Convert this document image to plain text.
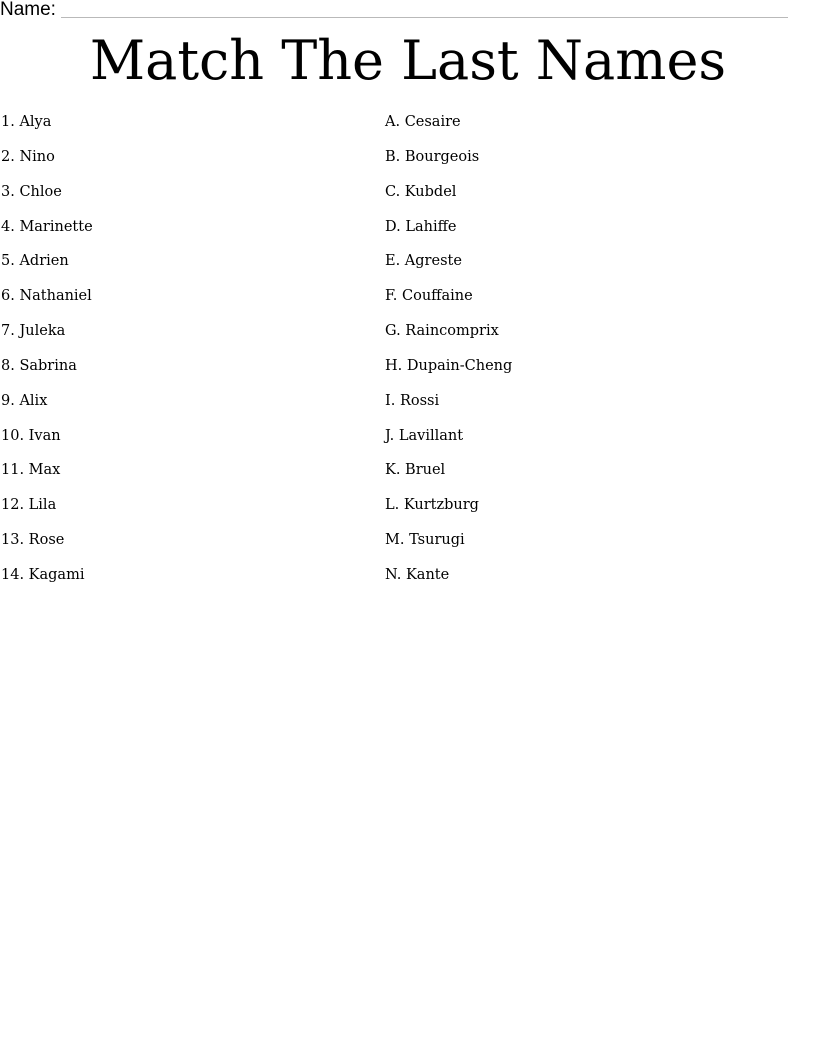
Name:
Match The Last Names
1. Alya
2. Nino
3. Chloe
4. Marinette
5. Adrien
6. Nathaniel
7. Juleka
8. Sabrina
9. Alix
10. Ivan
11. Max
12. Lila
13. Rose
14. Kagami
A. Cesaire
B. Bourgeois
C. Kubdel
D. Lahiffe
E. Agreste
F. Couffaine
G. Raincomprix
H. Dupain-Cheng
I. Rossi
J. Lavillant
K. Bruel
L. Kurtzburg
M. Tsurugi
N. Kante
